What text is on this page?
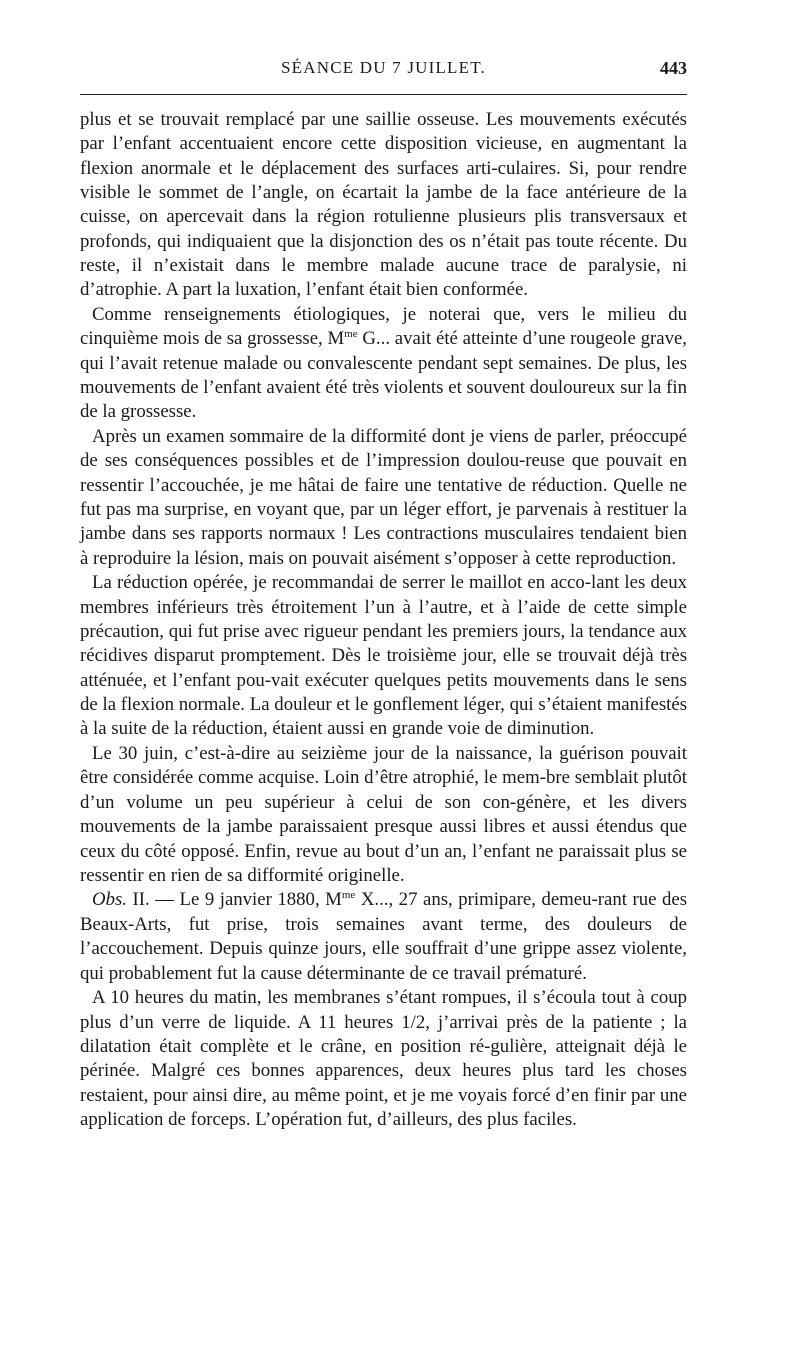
SÉANCE DU 7 JUILLET.	443

plus et se trouvait remplacé par une saillie osseuse. Les mouvements exécutés par l’enfant accentuaient encore cette disposition vicieuse, en augmentant la flexion anormale et le déplacement des surfaces arti-culaires. Si, pour rendre visible le sommet de l’angle, on écartait la jambe de la face antérieure de la cuisse, on apercevait dans la région rotulienne plusieurs plis transversaux et profonds, qui indiquaient que la disjonction des os n’était pas toute récente. Du reste, il n’existait dans le membre malade aucune trace de paralysie, ni d’atrophie. A part la luxation, l’enfant était bien conformée.

Comme renseignements étiologiques, je noterai que, vers le milieu du cinquième mois de sa grossesse, $M^{me}$ G... avait été atteinte d’une rougeole grave, qui l’avait retenue malade ou convalescente pendant sept semaines. De plus, les mouvements de l’enfant avaient été très violents et souvent douloureux sur la fin de la grossesse.

Après un examen sommaire de la difformité dont je viens de parler, préoccupé de ses conséquences possibles et de l’impression doulou-reuse que pouvait en ressentir l’accouchée, je me hâtai de faire une tentative de réduction. Quelle ne fut pas ma surprise, en voyant que, par un léger effort, je parvenais à restituer la jambe dans ses rapports normaux ! Les contractions musculaires tendaient bien à reproduire la lésion, mais on pouvait aisément s’opposer à cette reproduction.

La réduction opérée, je recommandai de serrer le maillot en acco-lant les deux membres inférieurs très étroitement l’un à l’autre, et à l’aide de cette simple précaution, qui fut prise avec rigueur pendant les premiers jours, la tendance aux récidives disparut promptement. Dès le troisième jour, elle se trouvait déjà très atténuée, et l’enfant pou-vait exécuter quelques petits mouvements dans le sens de la flexion normale. La douleur et le gonflement léger, qui s’étaient manifestés à la suite de la réduction, étaient aussi en grande voie de diminution.

Le 30 juin, c’est-à-dire au seizième jour de la naissance, la guérison pouvait être considérée comme acquise. Loin d’être atrophié, le mem-bre semblait plutôt d’un volume un peu supérieur à celui de son con-génère, et les divers mouvements de la jambe paraissaient presque aussi libres et aussi étendus que ceux du côté opposé. Enfin, revue au bout d’un an, l’enfant ne paraissait plus se ressentir en rien de sa difformité originelle.

Obs. II. — Le 9 janvier 1880, $M^{me}$ X..., 27 ans, primipare, demeu-rant rue des Beaux-Arts, fut prise, trois semaines avant terme, des douleurs de l’accouchement. Depuis quinze jours, elle souffrait d’une grippe assez violente, qui probablement fut la cause déterminante de ce travail prématuré.

A 10 heures du matin, les membranes s’étant rompues, il s’écoula tout à coup plus d’un verre de liquide. A 11 heures 1/2, j’arrivai près de la patiente ; la dilatation était complète et le crâne, en position ré-gulière, atteignait déjà le périnée. Malgré ces bonnes apparences, deux heures plus tard les choses restaient, pour ainsi dire, au même point, et je me voyais forcé d’en finir par une application de forceps. L’opération fut, d’ailleurs, des plus faciles.
